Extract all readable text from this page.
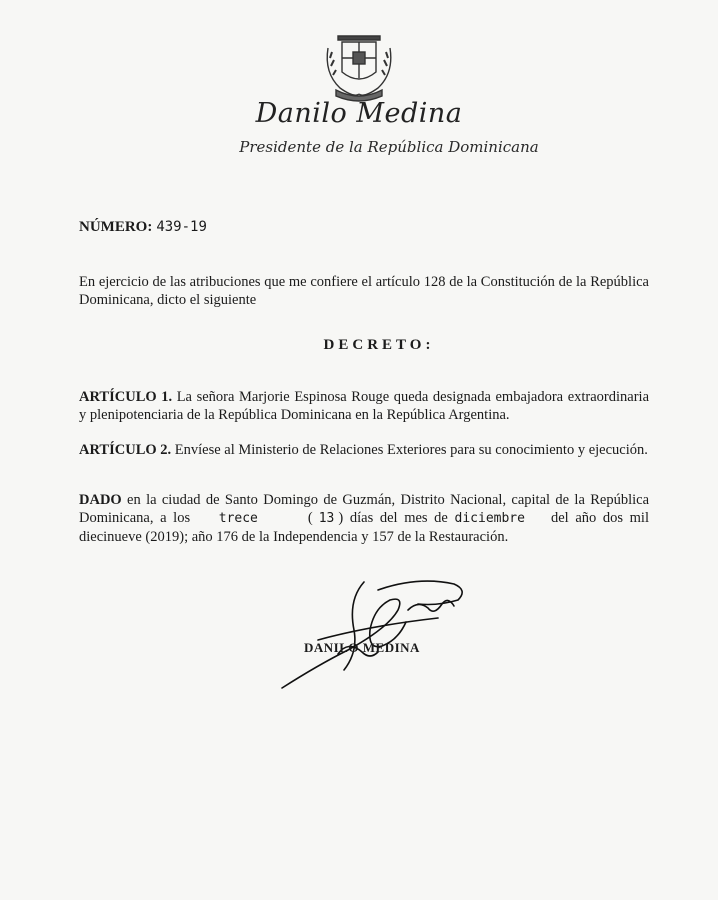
Danilo Medina
Presidente de la República Dominicana
NÚMERO: 439-19
En ejercicio de las atribuciones que me confiere el artículo 128 de la Constitución de la República Dominicana, dicto el siguiente
DECRETO:
ARTÍCULO 1. La señora Marjorie Espinosa Rouge queda designada embajadora extraordinaria y plenipotenciaria de la República Dominicana en la República Argentina.
ARTÍCULO 2. Envíese al Ministerio de Relaciones Exteriores para su conocimiento y ejecución.
DADO en la ciudad de Santo Domingo de Guzmán, Distrito Nacional, capital de la República Dominicana, a los trece	( 13 ) días del mes de diciembre del año dos mil diecinueve (2019); año 176 de la Independencia y 157 de la Restauración.
DANILO MEDINA
